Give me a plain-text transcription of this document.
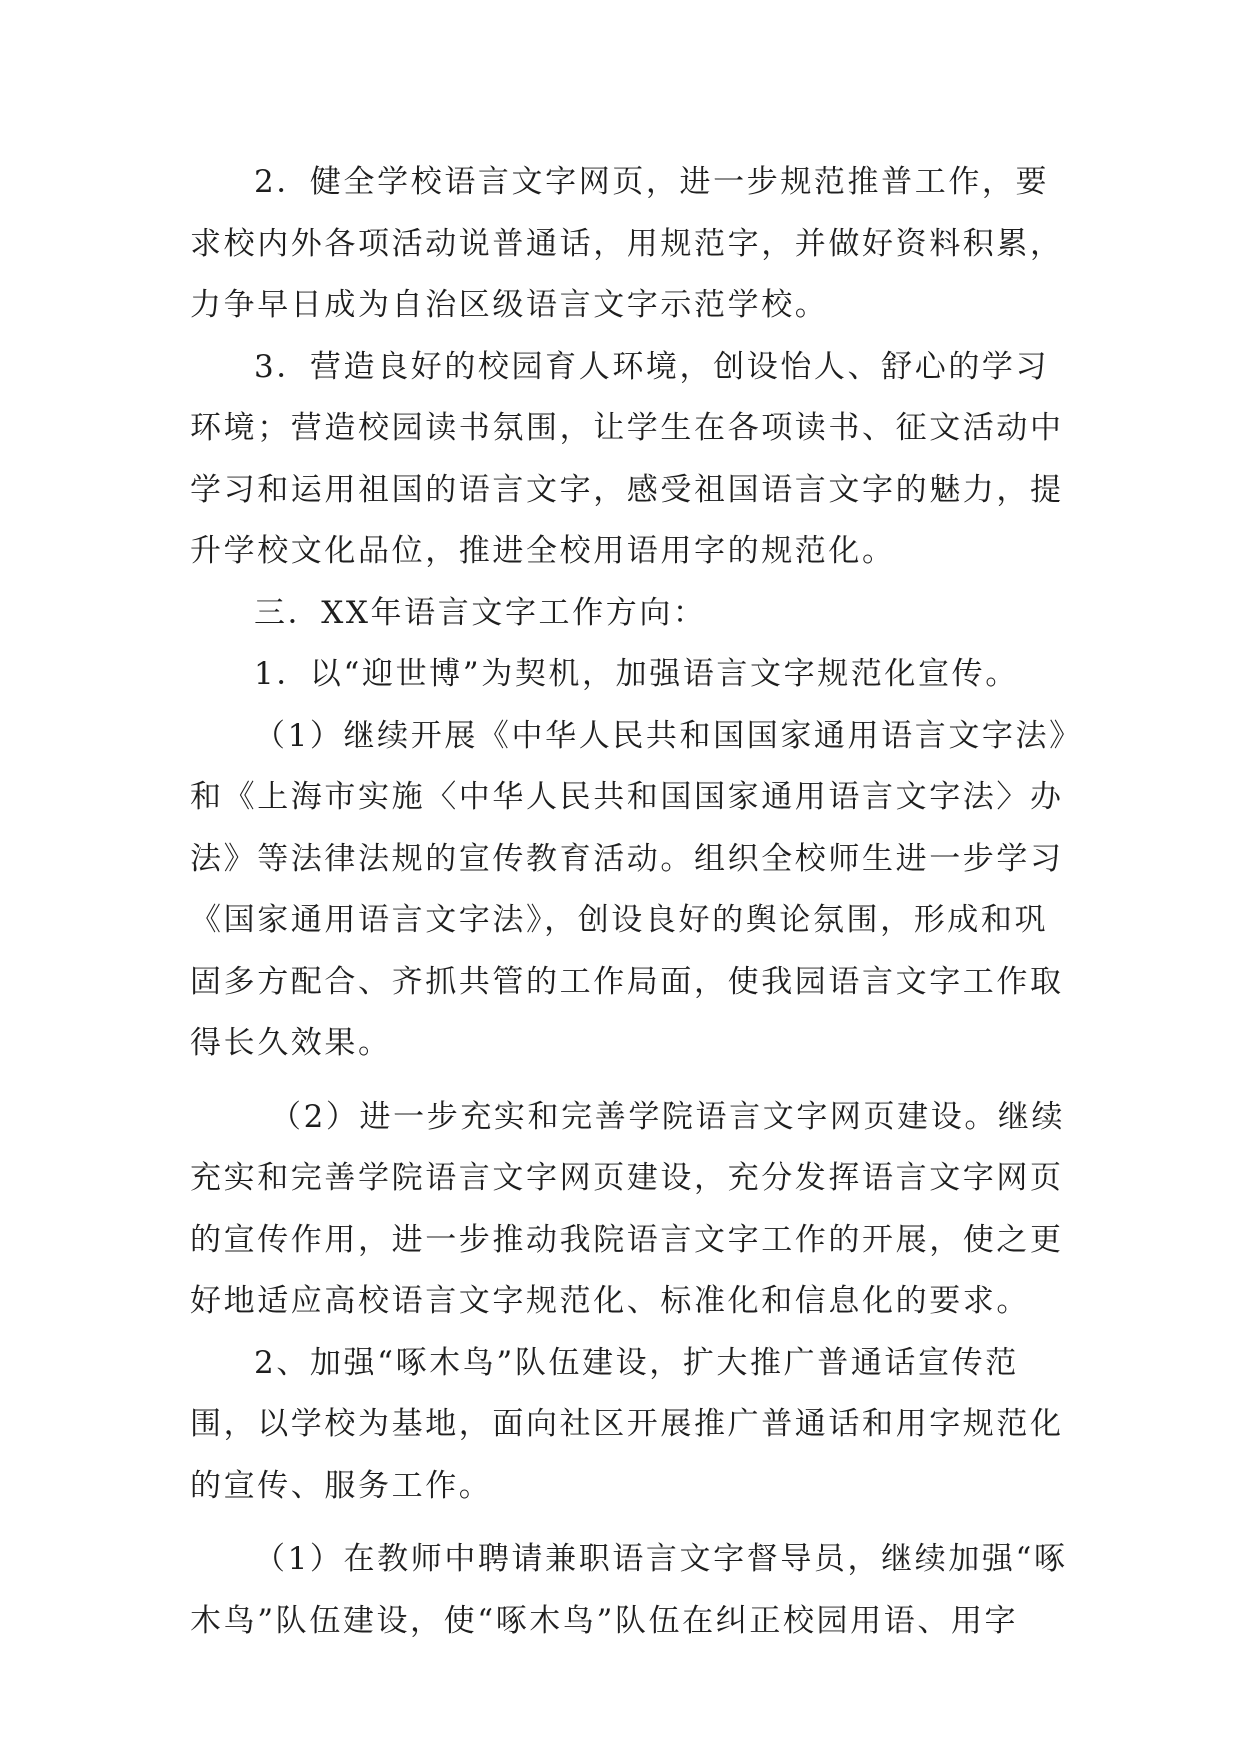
2．健全学校语言文字网页，进一步规范推普工作，要
求校内外各项活动说普通话，用规范字，并做好资料积累，
力争早日成为自治区级语言文字示范学校。
3．营造良好的校园育人环境，创设怡人、舒心的学习
环境；营造校园读书氛围，让学生在各项读书、征文活动中
学习和运用祖国的语言文字，感受祖国语言文字的魅力，提
升学校文化品位，推进全校用语用字的规范化。
三．XX年语言文字工作方向：
1．以“迎世博”为契机，加强语言文字规范化宣传。
（1）继续开展《中华人民共和国国家通用语言文字法》
和《上海市实施〈中华人民共和国国家通用语言文字法〉办
法》等法律法规的宣传教育活动。组织全校师生进一步学习
《国家通用语言文字法》，创设良好的舆论氛围，形成和巩
固多方配合、齐抓共管的工作局面，使我园语言文字工作取
得长久效果。
（2）进一步充实和完善学院语言文字网页建设。继续
充实和完善学院语言文字网页建设，充分发挥语言文字网页
的宣传作用，进一步推动我院语言文字工作的开展，使之更
好地适应高校语言文字规范化、标准化和信息化的要求。
2、加强“啄木鸟”队伍建设，扩大推广普通话宣传范
围，以学校为基地，面向社区开展推广普通话和用字规范化
的宣传、服务工作。
（1）在教师中聘请兼职语言文字督导员，继续加强“啄
木鸟”队伍建设，使“啄木鸟”队伍在纠正校园用语、用字
